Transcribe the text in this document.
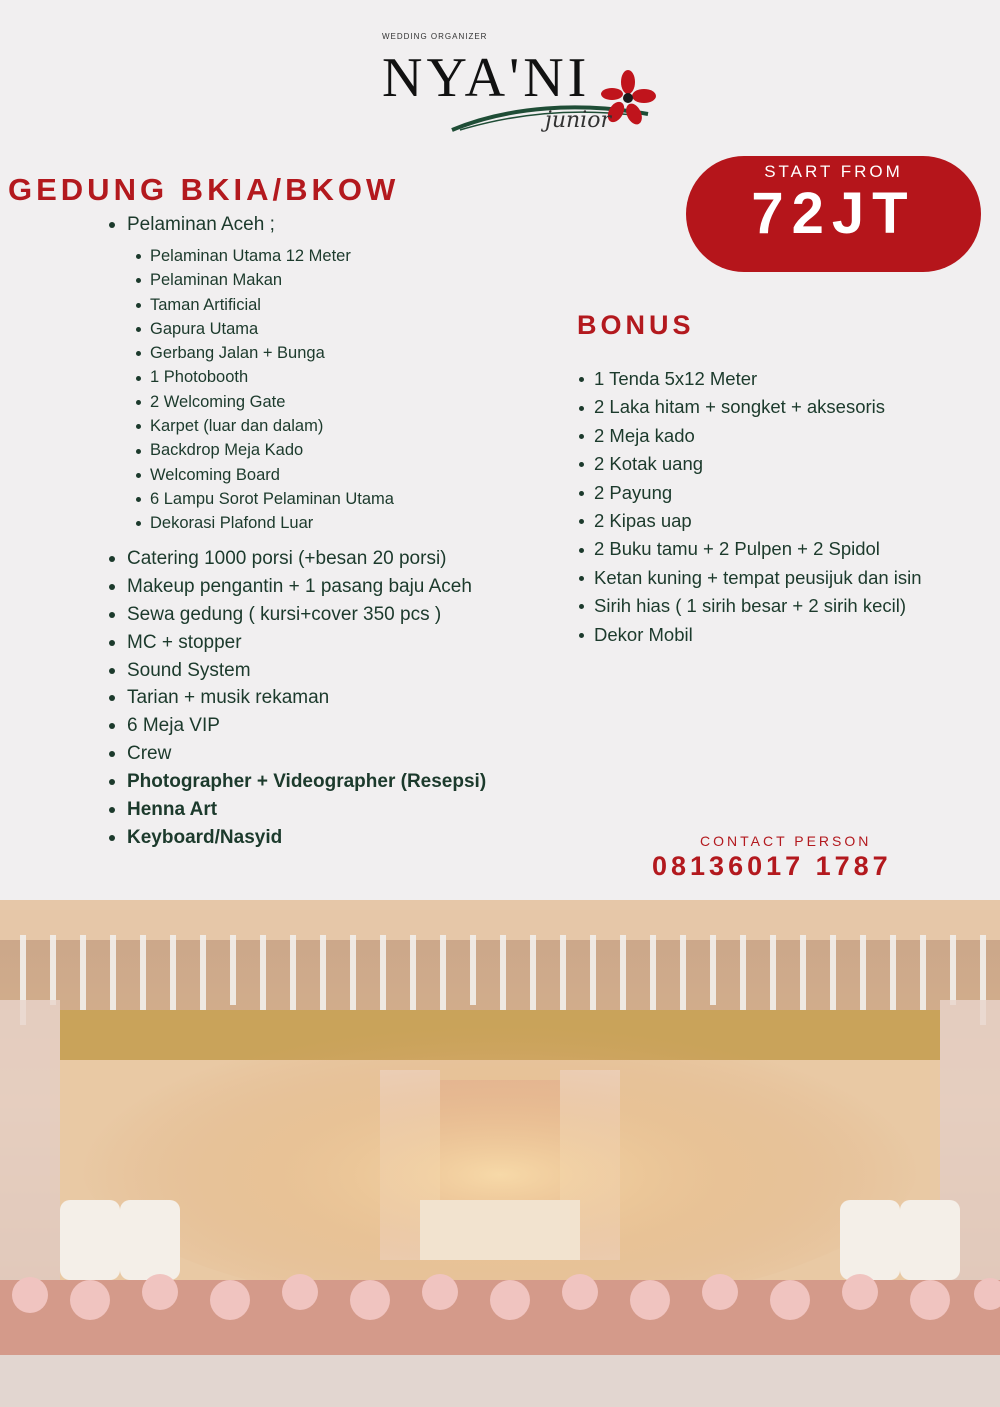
WEDDING ORGANIZER
NYA'NI
junior
GEDUNG BKIA/BKOW
START FROM
72JT
Pelaminan Aceh ;
Pelaminan Utama 12 Meter
Pelaminan Makan
Taman Artificial
Gapura Utama
Gerbang Jalan + Bunga
1 Photobooth
2 Welcoming Gate
Karpet (luar dan dalam)
Backdrop Meja Kado
Welcoming Board
6 Lampu Sorot Pelaminan Utama
Dekorasi Plafond Luar
Catering 1000 porsi (+besan 20 porsi)
Makeup pengantin + 1 pasang baju Aceh
Sewa gedung ( kursi+cover 350 pcs )
MC + stopper
Sound System
Tarian + musik rekaman
6 Meja VIP
Crew
Photographer + Videographer (Resepsi)
Henna Art
Keyboard/Nasyid
BONUS
1 Tenda 5x12 Meter
2 Laka hitam + songket + aksesoris
2 Meja kado
2 Kotak uang
2 Payung
2 Kipas uap
2 Buku tamu + 2 Pulpen + 2 Spidol
Ketan kuning + tempat peusijuk dan isin
Sirih hias ( 1 sirih besar + 2 sirih kecil)
Dekor Mobil
CONTACT PERSON
08136017 1787
